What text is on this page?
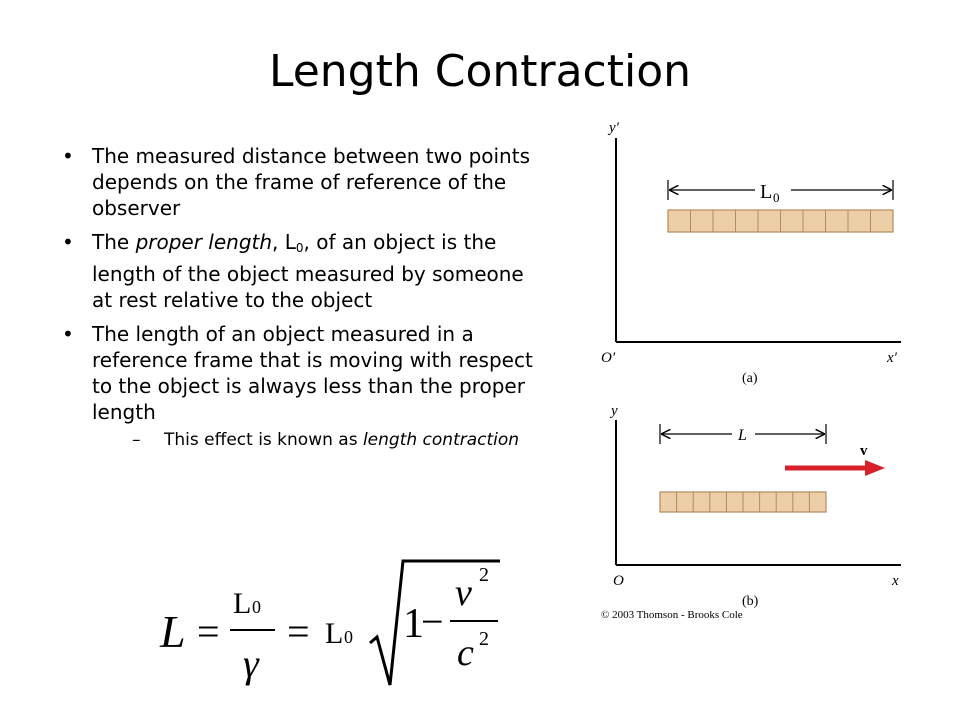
Length Contraction
• The measured distance between two points depends on the frame of reference of the observer
• The proper length, $L_0$, of an object is the length of the object measured by someone at rest relative to the object
• The length of an object measured in a reference frame that is moving with respect to the object is always less than the proper length
– This effect is known as length contraction
L =
L 0
γ
= L 0 1
−
v 2
c 2
y′
O′	x′
(a)
L 0
y
O	x
(b)
L
v
© 2003 Thomson - Brooks Cole
